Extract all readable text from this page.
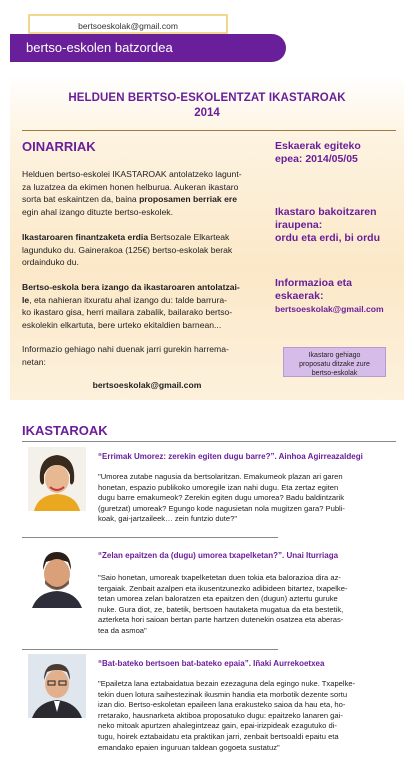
bertsoeskolak@gmail.com
bertso-eskolen batzordea
HELDUEN BERTSO-ESKOLENTZAT IKASTAROAK
2014
OINARRIAK
Helduen bertso-eskolei IKASTAROAK antolatzeko lagunt-
za luzatzea da ekimen honen helburua. Aukeran ikastaro
sorta bat eskaintzen da, baina proposamen berriak ere
egin ahal izango dituzte bertso-eskolek.
Ikastaroaren finantzaketa erdia Bertsozale Elkarteak
lagunduko du. Gainerakoa (125€) bertso-eskolak berak
ordainduko du.
Bertso-eskola bera izango da ikastaroaren antolatzai-
le, eta nahieran itxuratu ahal izango du: talde barrura-
ko ikastaro gisa, herri mailara zabalik, bailarako bertso-
eskolekin elkartuta, bere urteko ekitaldien barnean...
Informazio gehiago nahi duenak jarri gurekin harrema-
netan:
bertsoeskolak@gmail.com
Eskaerak egiteko
epea: 2014/05/05
Ikastaro bakoitzaren
iraupena:
ordu eta erdi, bi ordu
Informazioa eta
eskaerak:
bertsoeskolak@gmail.com
Ikastaro gehiago
proposatu ditzake zure
bertso-eskolak
IKASTAROAK
“Errimak Umorez: zerekin egiten dugu barre?”. Ainhoa Agirreazaldegi
"Umorea zutabe nagusia da bertsolaritzan. Emakumeok plazan ari garen
honetan, espazio publikoko umoregile izan nahi dugu. Eta zertaz egiten
dugu barre emakumeok? Zerekin egiten dugu umorea? Badu baldintzarik
(guretzat) umoreak? Egungo kode nagusietan nola mugitzen gara? Publi-
koak, gai-jartzaileek… zein funtzio dute?"
“Zelan epaitzen da (dugu) umorea txapelketan?”. Unai Iturriaga
"Saio honetan, umoreak txapelketetan duen tokia eta balorazioa dira az-
tergaiak. Zenbait azalpen eta ikusentzunezko adibideen bitartez, txapelke-
tetan umorea zelan baloratzen eta epaitzen den (dugun) aztertu guruke
nuke. Gura diot, ze, batetik, bertsoen hautaketa mugatua da eta bestetik,
azterketa hori saioan bertan parte hartzen dutenekin osatzea eta aberas-
tea da asmoa"
“Bat-bateko bertsoen bat-bateko epaia”. Iñaki Aurrekoetxea
"Epailetza lana eztabaidatua bezain ezezaguna dela egingo nuke. Txapelke-
tekin duen lotura saihestezinak ikusmin handia eta morbotik dezente sortu
izan dio. Bertso-eskoletan epaileen lana erakusteko saioa da hau eta, ho-
rretarako, hausnarketa aktiboa proposatuko dugu: epaitzeko lanaren gai-
neko mitoak apurtzen ahalegintzeaz gain, epai-irizpideak ezagutuko di-
tugu, hoirek eztabaidatu eta praktikan jarri, zenbait bertsoaldi epaitu eta
emandako epaien inguruan taldean gogoeta sustatuz"
